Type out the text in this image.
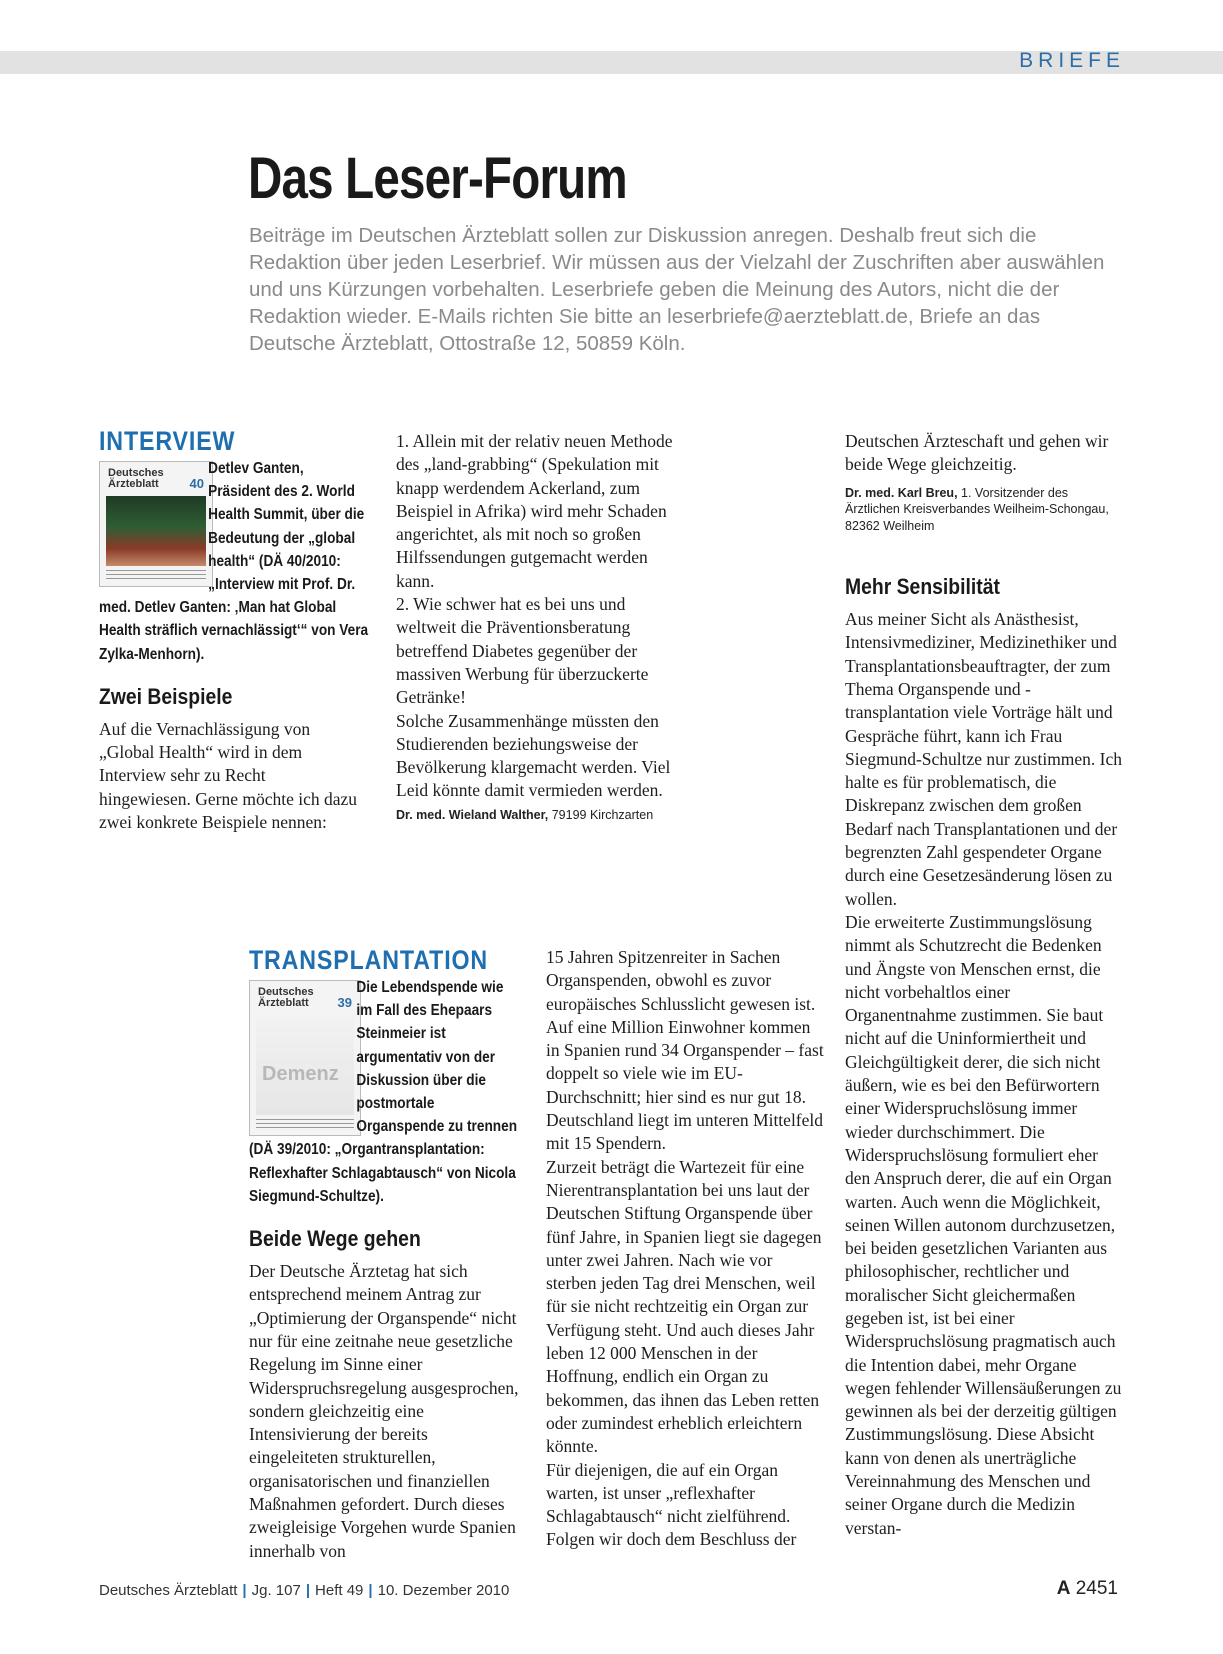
BRIEFE
Das Leser-Forum

Beiträge im Deutschen Ärzteblatt sollen zur Diskussion anregen. Deshalb freut sich die Redaktion über jeden Leserbrief. Wir müssen aus der Vielzahl der Zuschriften aber auswählen und uns Kürzungen vorbehalten. Leserbriefe geben die Meinung des Autors, nicht die der Redaktion wieder. E-Mails richten Sie bitte an leserbriefe@aerzteblatt.de, Briefe an das Deutsche Ärzteblatt, Ottostraße 12, 50859 Köln.

INTERVIEW
Deutsches Ärzteblatt	40

Detlev Ganten, Präsident des 2. World Health Summit, über die Bedeutung der „global health“ (DÄ 40/2010: „Interview mit Prof. Dr. med. Detlev Ganten: ‚Man hat Global Health sträflich vernachlässigt‘“ von Vera Zylka-Menhorn).

Zwei Beispiele

Auf die Vernachlässigung von „Global Health“ wird in dem Interview sehr zu Recht hingewiesen. Gerne möchte ich dazu zwei konkrete Beispiele nennen:

1. Allein mit der relativ neuen Methode des „land-grabbing“ (Spekulation mit knapp werdendem Ackerland, zum Beispiel in Afrika) wird mehr Schaden angerichtet, als mit noch so großen Hilfssendungen gutgemacht werden kann.
2. Wie schwer hat es bei uns und weltweit die Präventionsberatung betreffend Diabetes gegenüber der massiven Werbung für überzuckerte Getränke!
Solche Zusammenhänge müssten den Studierenden beziehungsweise der Bevölkerung klargemacht werden. Viel Leid könnte damit vermieden werden.

Dr. med. Wieland Walther, 79199 Kirchzarten

TRANSPLANTATION
Deutsches Ärzteblatt	39
Demenz

Die Lebendspende wie im Fall des Ehepaars Steinmeier ist argumentativ von der Diskussion über die postmortale Organspende zu trennen (DÄ 39/2010: „Organtransplantation: Reflexhafter Schlagabtausch“ von Nicola Siegmund-Schultze).

Beide Wege gehen

Der Deutsche Ärztetag hat sich entsprechend meinem Antrag zur „Optimierung der Organspende“ nicht nur für eine zeitnahe neue gesetzliche Regelung im Sinne einer Widerspruchsregelung ausgesprochen, sondern gleichzeitig eine Intensivierung der bereits eingeleiteten strukturellen, organisatorischen und finanziellen Maßnahmen gefordert. Durch dieses zweigleisige Vorgehen wurde Spanien innerhalb von

15 Jahren Spitzenreiter in Sachen Organspenden, obwohl es zuvor europäisches Schlusslicht gewesen ist. Auf eine Million Einwohner kommen in Spanien rund 34 Organspender – fast doppelt so viele wie im EU-Durchschnitt; hier sind es nur gut 18. Deutschland liegt im unteren Mittelfeld mit 15 Spendern.
Zurzeit beträgt die Wartezeit für eine Nierentransplantation bei uns laut der Deutschen Stiftung Organspende über fünf Jahre, in Spanien liegt sie dagegen unter zwei Jahren. Nach wie vor sterben jeden Tag drei Menschen, weil für sie nicht rechtzeitig ein Organ zur Verfügung steht. Und auch dieses Jahr leben 12 000 Menschen in der Hoffnung, endlich ein Organ zu bekommen, das ihnen das Leben retten oder zumindest erheblich erleichtern könnte.
Für diejenigen, die auf ein Organ warten, ist unser „reflexhafter Schlagabtausch“ nicht zielführend. Folgen wir doch dem Beschluss der

Deutschen Ärzteschaft und gehen wir beide Wege gleichzeitig.

Dr. med. Karl Breu, 1. Vorsitzender des Ärztlichen Kreisverbandes Weilheim-Schongau, 82362 Weilheim

Mehr Sensibilität

Aus meiner Sicht als Anästhesist, Intensivmediziner, Medizinethiker und Transplantationsbeauftragter, der zum Thema Organspende und -transplantation viele Vorträge hält und Gespräche führt, kann ich Frau Siegmund-Schultze nur zustimmen. Ich halte es für problematisch, die Diskrepanz zwischen dem großen Bedarf nach Transplantationen und der begrenzten Zahl gespendeter Organe durch eine Gesetzesänderung lösen zu wollen.
Die erweiterte Zustimmungslösung nimmt als Schutzrecht die Bedenken und Ängste von Menschen ernst, die nicht vorbehaltlos einer Organentnahme zustimmen. Sie baut nicht auf die Uninformiertheit und Gleichgültigkeit derer, die sich nicht äußern, wie es bei den Befürwortern einer Widerspruchslösung immer wieder durchschimmert. Die Widerspruchslösung formuliert eher den Anspruch derer, die auf ein Organ warten. Auch wenn die Möglichkeit, seinen Willen autonom durchzusetzen, bei beiden gesetzlichen Varianten aus philosophischer, rechtlicher und moralischer Sicht gleichermaßen gegeben ist, ist bei einer Widerspruchslösung pragmatisch auch die Intention dabei, mehr Organe wegen fehlender Willensäußerungen zu gewinnen als bei der derzeitig gültigen Zustimmungslösung. Diese Absicht kann von denen als unerträgliche Vereinnahmung des Menschen und seiner Organe durch die Medizin verstan-

Deutsches Ärzteblatt | Jg. 107 | Heft 49 | 10. Dezember 2010	A 2451
